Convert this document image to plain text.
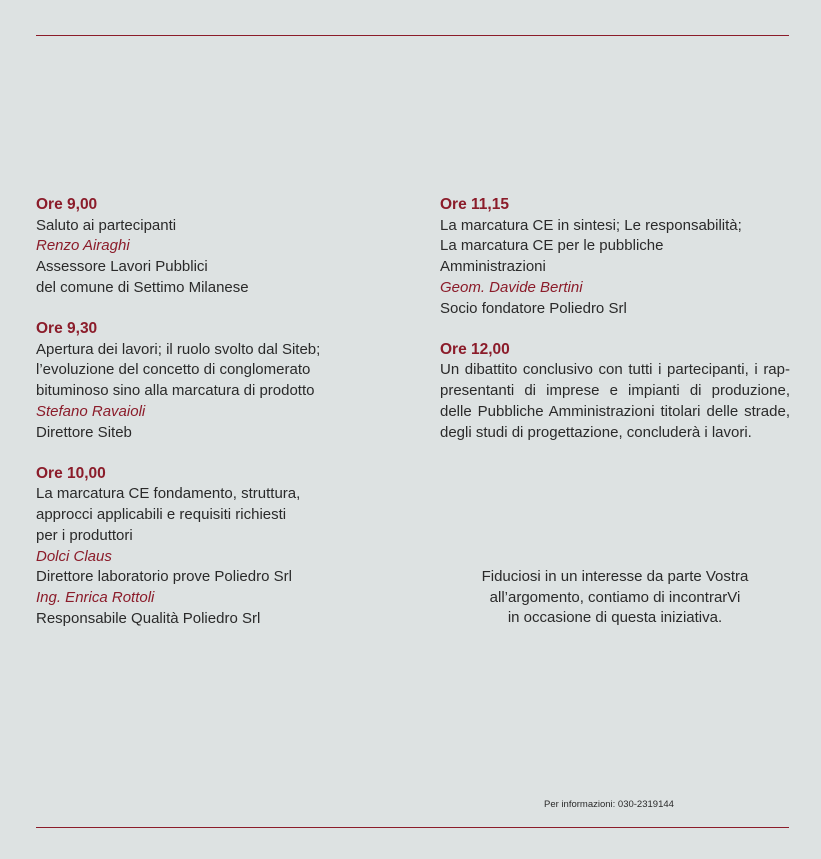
Ore 9,00
Saluto ai partecipanti
Renzo Airaghi
Assessore Lavori Pubblici
del comune di Settimo Milanese
Ore 9,30
Apertura dei lavori; il ruolo svolto dal Siteb;
l’evoluzione del concetto di conglomerato
bituminoso sino alla marcatura di prodotto
Stefano Ravaioli
Direttore Siteb
Ore 10,00
La marcatura CE fondamento, struttura,
approcci applicabili e requisiti richiesti
per i produttori
Dolci Claus
Direttore laboratorio prove Poliedro Srl
Ing. Enrica Rottoli
Responsabile Qualità Poliedro Srl
Ore 11,15
La marcatura CE in sintesi; Le responsabilità;
La marcatura CE per le pubbliche
Amministrazioni
Geom. Davide Bertini
Socio fondatore Poliedro Srl
Ore 12,00
Un dibattito conclusivo con tutti i partecipanti, i rap-presentanti di imprese e impianti di produzione, delle Pubbliche Amministrazioni titolari delle strade, degli studi di progettazione, concluderà i lavori.
Fiduciosi in un interesse da parte Vostra
all’argomento, contiamo di incontrarVi
in occasione di questa iniziativa.
Per informazioni: 030-2319144
